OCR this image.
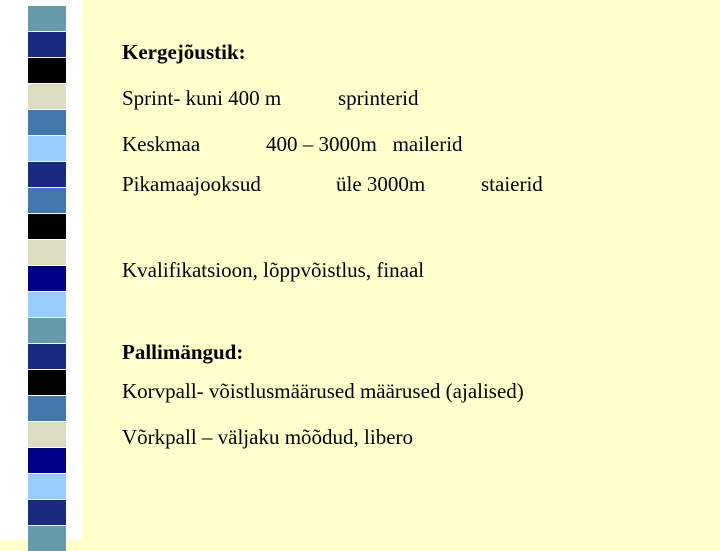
Kergejõustik:
Sprint- kuni 400 m	sprinterid
Keskmaa	400 – 3000m   mailerid
Pikamaajooksud	üle 3000m	staierid
Kvalifikatsioon, lõppvõistlus, finaal
Pallimängud:
Korvpall- võistlusmäärused määrused (ajalised)
Võrkpall – väljaku mõõdud, libero
